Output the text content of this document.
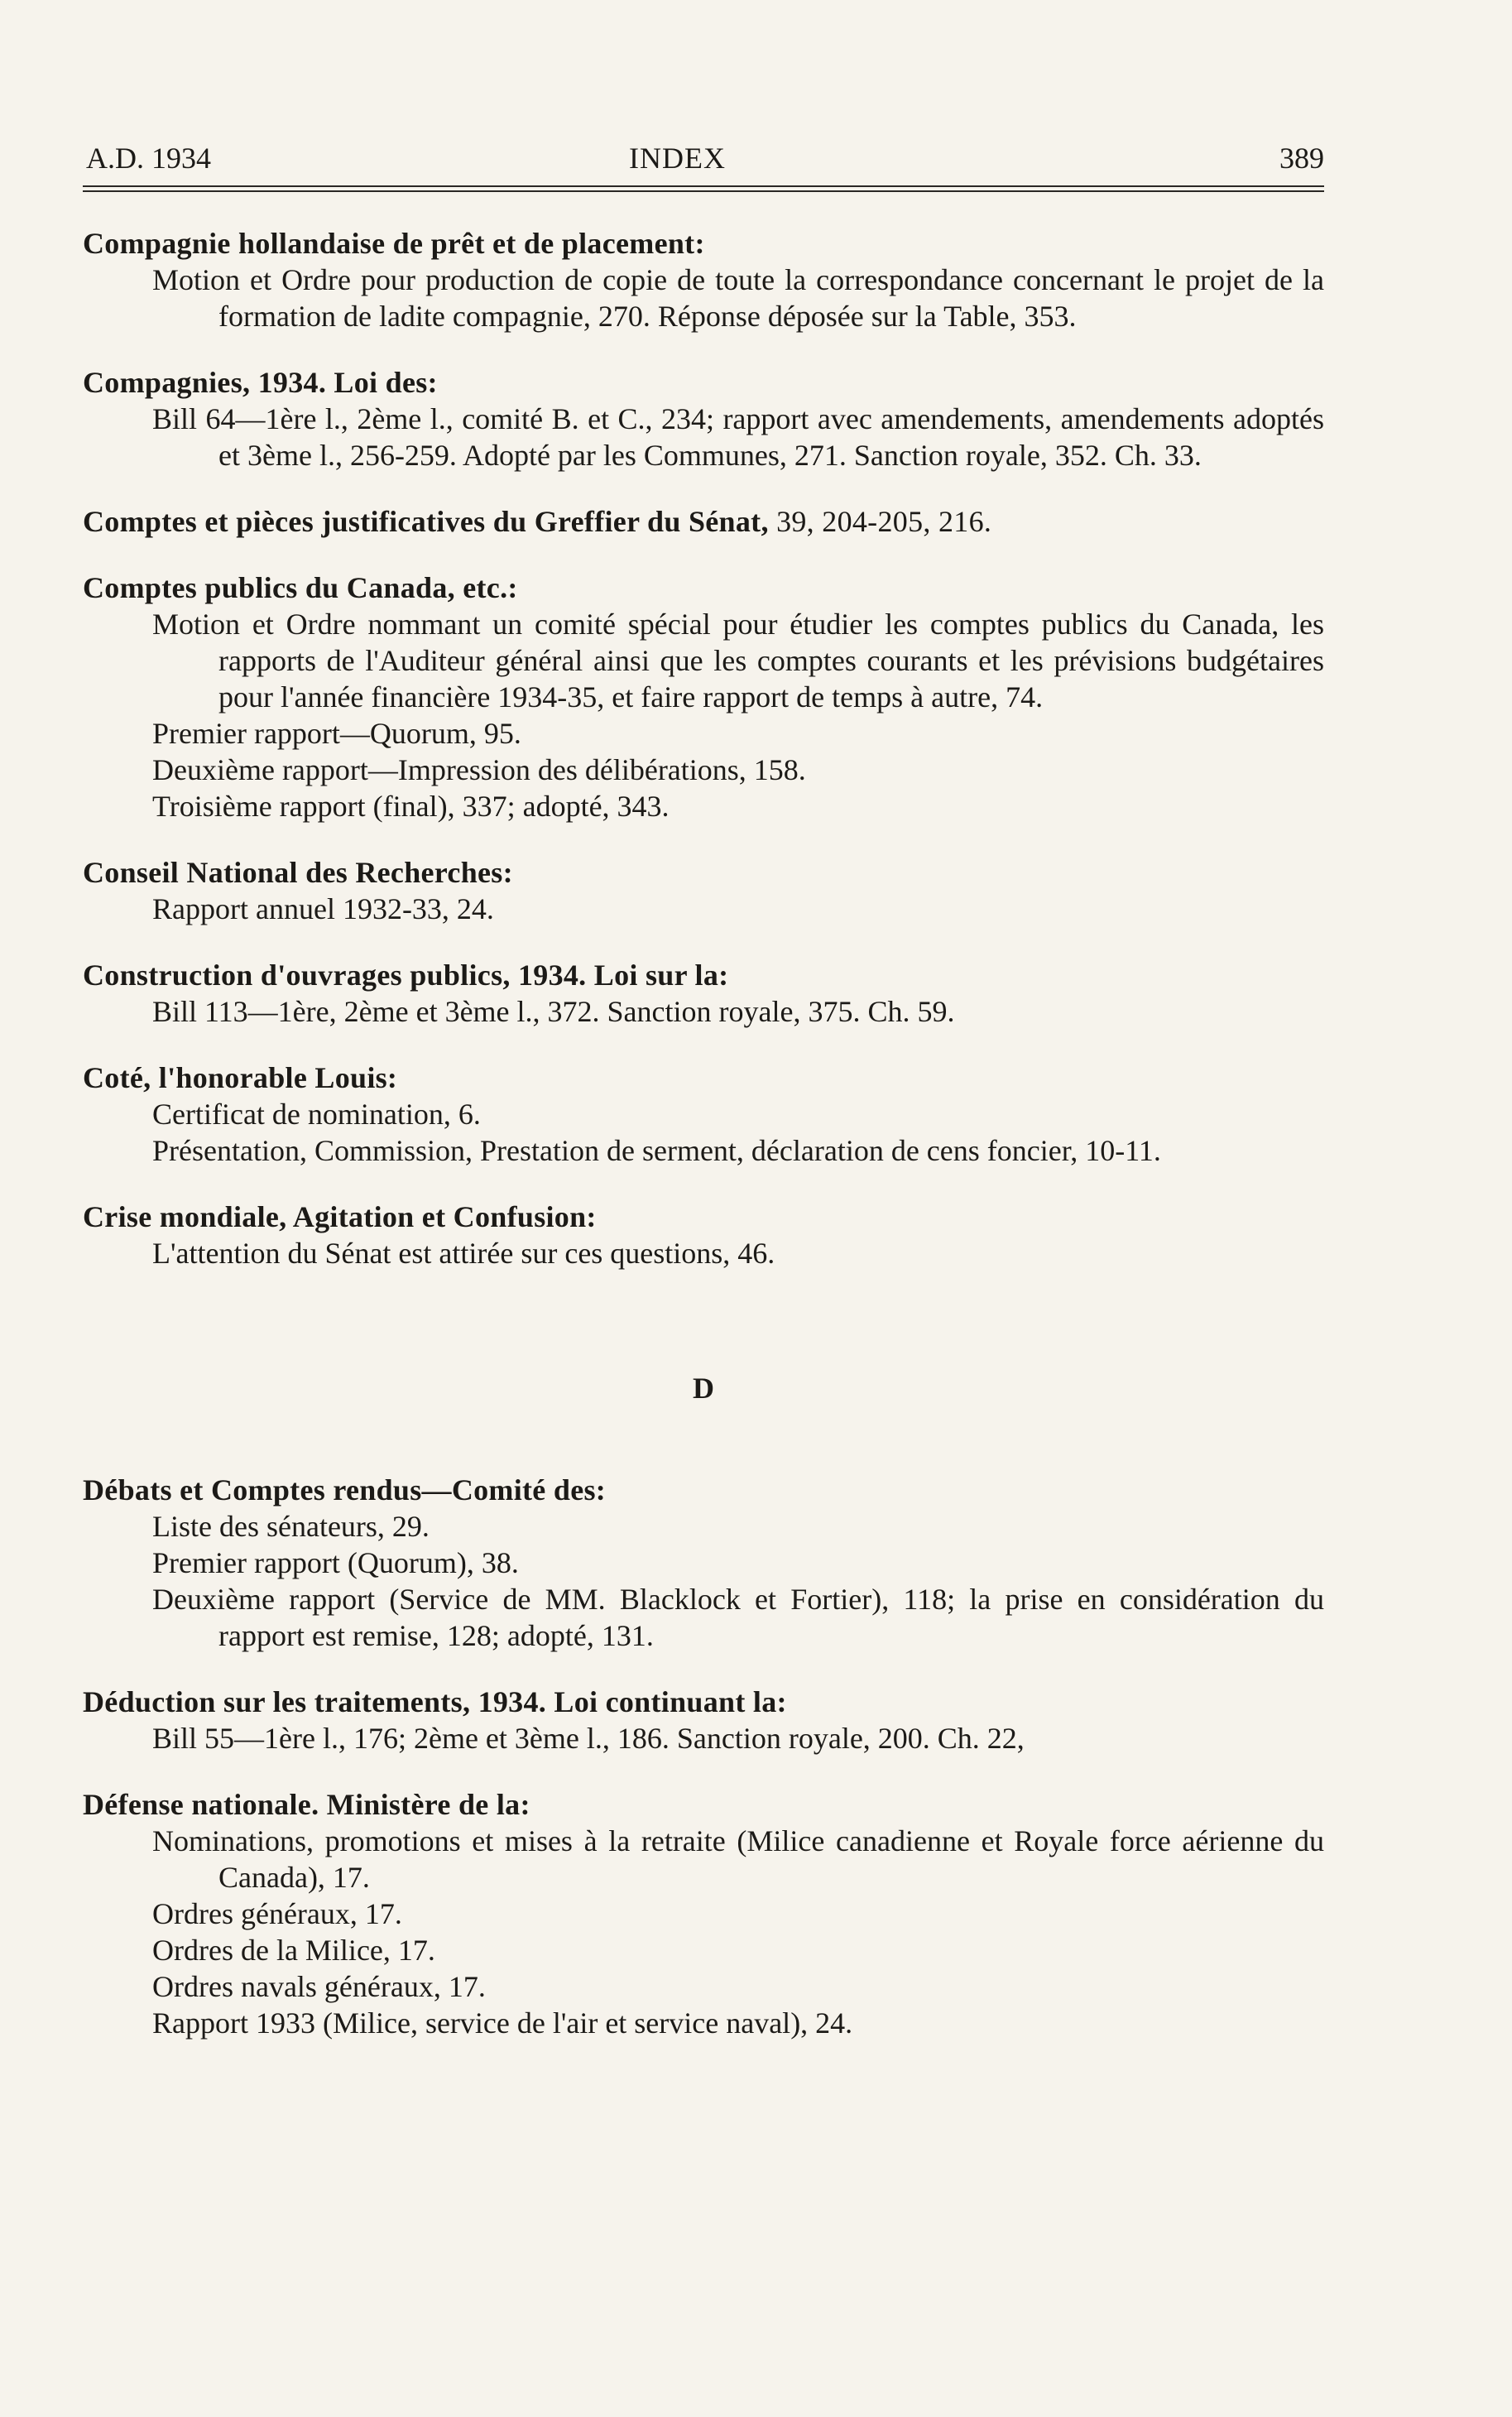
A.D. 1934	INDEX	389
Compagnie hollandaise de prêt et de placement:
Motion et Ordre pour production de copie de toute la correspondance concernant le projet de la formation de ladite compagnie, 270. Réponse déposée sur la Table, 353.
Compagnies, 1934. Loi des:
Bill 64—1ère l., 2ème l., comité B. et C., 234; rapport avec amendements, amendements adoptés et 3ème l., 256-259. Adopté par les Communes, 271. Sanction royale, 352. Ch. 33.
Comptes et pièces justificatives du Greffier du Sénat, 39, 204-205, 216.
Comptes publics du Canada, etc.:
Motion et Ordre nommant un comité spécial pour étudier les comptes publics du Canada, les rapports de l'Auditeur général ainsi que les comptes courants et les prévisions budgétaires pour l'année financière 1934-35, et faire rapport de temps à autre, 74.
Premier rapport—Quorum, 95.
Deuxième rapport—Impression des délibérations, 158.
Troisième rapport (final), 337; adopté, 343.
Conseil National des Recherches:
Rapport annuel 1932-33, 24.
Construction d'ouvrages publics, 1934. Loi sur la:
Bill 113—1ère, 2ème et 3ème l., 372. Sanction royale, 375. Ch. 59.
Coté, l'honorable Louis:
Certificat de nomination, 6.
Présentation, Commission, Prestation de serment, déclaration de cens foncier, 10-11.
Crise mondiale, Agitation et Confusion:
L'attention du Sénat est attirée sur ces questions, 46.
D
Débats et Comptes rendus—Comité des:
Liste des sénateurs, 29.
Premier rapport (Quorum), 38.
Deuxième rapport (Service de MM. Blacklock et Fortier), 118; la prise en considération du rapport est remise, 128; adopté, 131.
Déduction sur les traitements, 1934. Loi continuant la:
Bill 55—1ère l., 176; 2ème et 3ème l., 186. Sanction royale, 200. Ch. 22,
Défense nationale. Ministère de la:
Nominations, promotions et mises à la retraite (Milice canadienne et Royale force aérienne du Canada), 17.
Ordres généraux, 17.
Ordres de la Milice, 17.
Ordres navals généraux, 17.
Rapport 1933 (Milice, service de l'air et service naval), 24.
